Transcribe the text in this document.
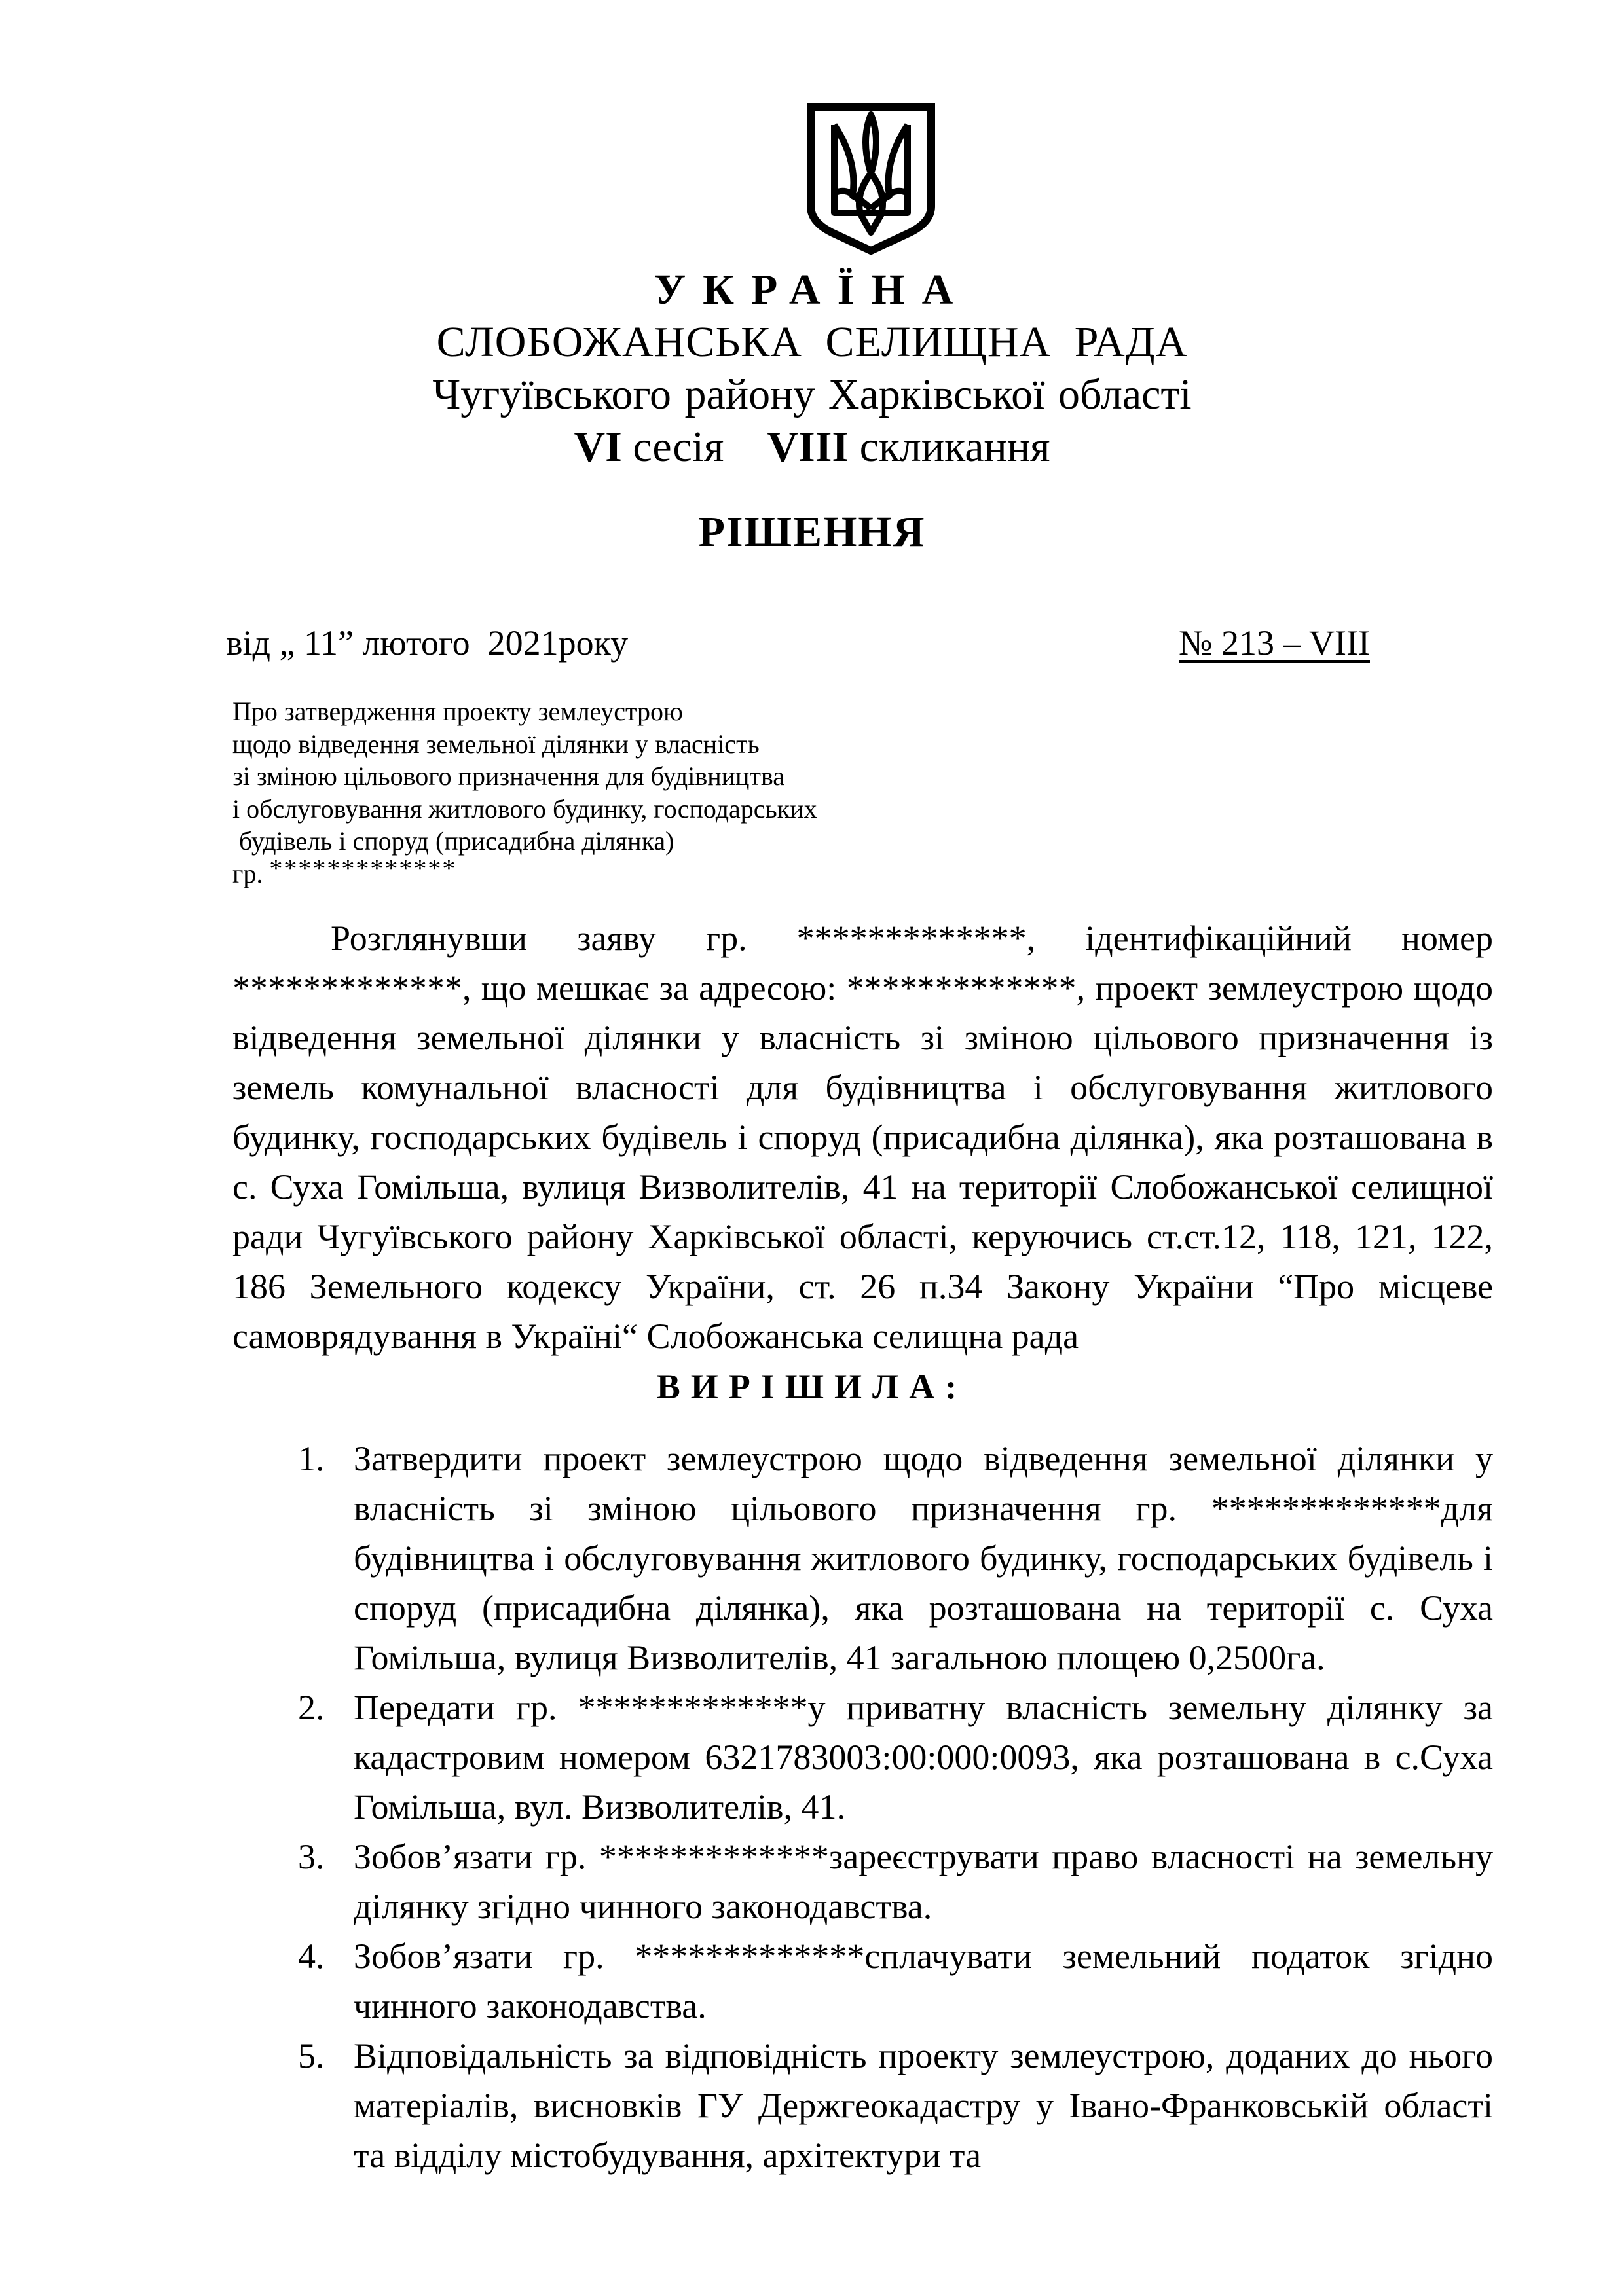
УКРАЇНА
СЛОБОЖАНСЬКА СЕЛИЩНА РАДА
Чугуївського району Харківської області
VI сесія    VIII скликання
РІШЕННЯ
від „ 11” лютого  2021року	№ 213 – VIII
Про затвердження проекту землеустрою
щодо відведення земельної ділянки у власність
зі зміною цільового призначення для будівництва
і обслуговування житлового будинку, господарських
будівель і споруд (присадибна ділянка)
гр. *************
Розглянувши заяву гр. *************, ідентифікаційний номер *************, що мешкає за адресою: *************, проект землеустрою щодо відведення земельної ділянки у власність зі зміною цільового призначення із земель комунальної власності для будівництва і обслуговування житлового будинку, господарських будівель і споруд (присадибна ділянка), яка розташована в с. Суха Гомільша, вулиця Визволителів, 41 на території Слобожанської селищної ради Чугуївського району Харківської області, керуючись ст.ст.12, 118, 121, 122, 186 Земельного кодексу України, ст. 26 п.34 Закону України “Про місцеве самоврядування в Україні“ Слобожанська селищна рада
ВИРІШИЛА:
1. Затвердити проект землеустрою щодо відведення земельної ділянки у власність зі зміною цільового призначення гр. *************для будівництва і обслуговування житлового будинку, господарських будівель і споруд (присадибна ділянка), яка розташована на території с. Суха Гомільша, вулиця Визволителів, 41 загальною площею 0,2500га.
2. Передати гр. *************у приватну власність земельну ділянку за кадастровим номером 6321783003:00:000:0093, яка розташована в с.Суха Гомільша, вул. Визволителів, 41.
3. Зобов’язати гр. *************зареєструвати право власності на земельну ділянку згідно чинного законодавства.
4. Зобов’язати гр. *************сплачувати земельний податок згідно чинного законодавства.
5. Відповідальність за відповідність проекту землеустрою, доданих до нього матеріалів, висновків ГУ Держгеокадастру у Івано-Франковській області та відділу містобудування, архітектури та
